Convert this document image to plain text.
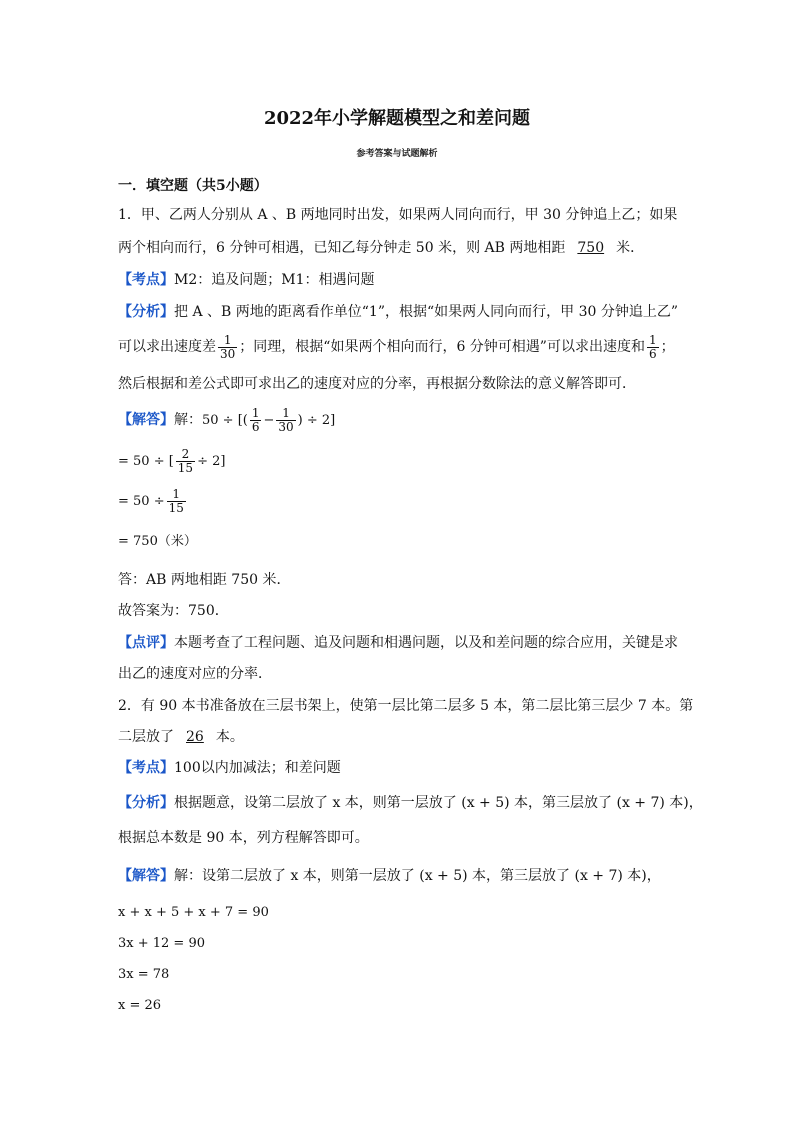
2022年小学解题模型之和差问题
参考答案与试题解析
一．填空题（共5小题）
1．甲、乙两人分别从 A 、B 两地同时出发，如果两人同向而行，甲 30 分钟追上乙；如果
两个相向而行，6 分钟可相遇，已知乙每分钟走 50 米，则 AB 两地相距 750 米．
【考点】M2：追及问题；M1：相遇问题
【分析】把 A 、B 两地的距离看作单位“1”，根据“如果两人同向而行，甲 30 分钟追上乙”
可以求出速度差 $\frac{1}{30}$ ；同理，根据“如果两个相向而行，6 分钟可相遇”可以求出速度和 $\frac{1}{6}$ ；
然后根据和差公式即可求出乙的速度对应的分率，再根据分数除法的意义解答即可．
【解答】解：50 ÷ [( $\frac{1}{6} - \frac{1}{30}$ ) ÷ 2]
= 50 ÷ [ $\frac{2}{15} \div 2$]
= $50 \div \frac{1}{15}$
= 750（米）
答：AB 两地相距 750 米．
故答案为：750．
【点评】本题考查了工程问题、追及问题和相遇问题，以及和差问题的综合应用，关键是求
出乙的速度对应的分率．
2．有 90 本书准备放在三层书架上，使第一层比第二层多 5 本，第二层比第三层少 7 本。第
二层放了 26 本。
【考点】100以内加减法；和差问题
【分析】根据题意，设第二层放了 x 本，则第一层放了 (x + 5) 本，第三层放了 (x + 7) 本)，
根据总本数是 90 本，列方程解答即可。
【解答】解：设第二层放了 x 本，则第一层放了 (x + 5) 本，第三层放了 (x + 7) 本)，
x + x + 5 + x + 7 = 90
3x + 12 = 90
3x = 78
x = 26
